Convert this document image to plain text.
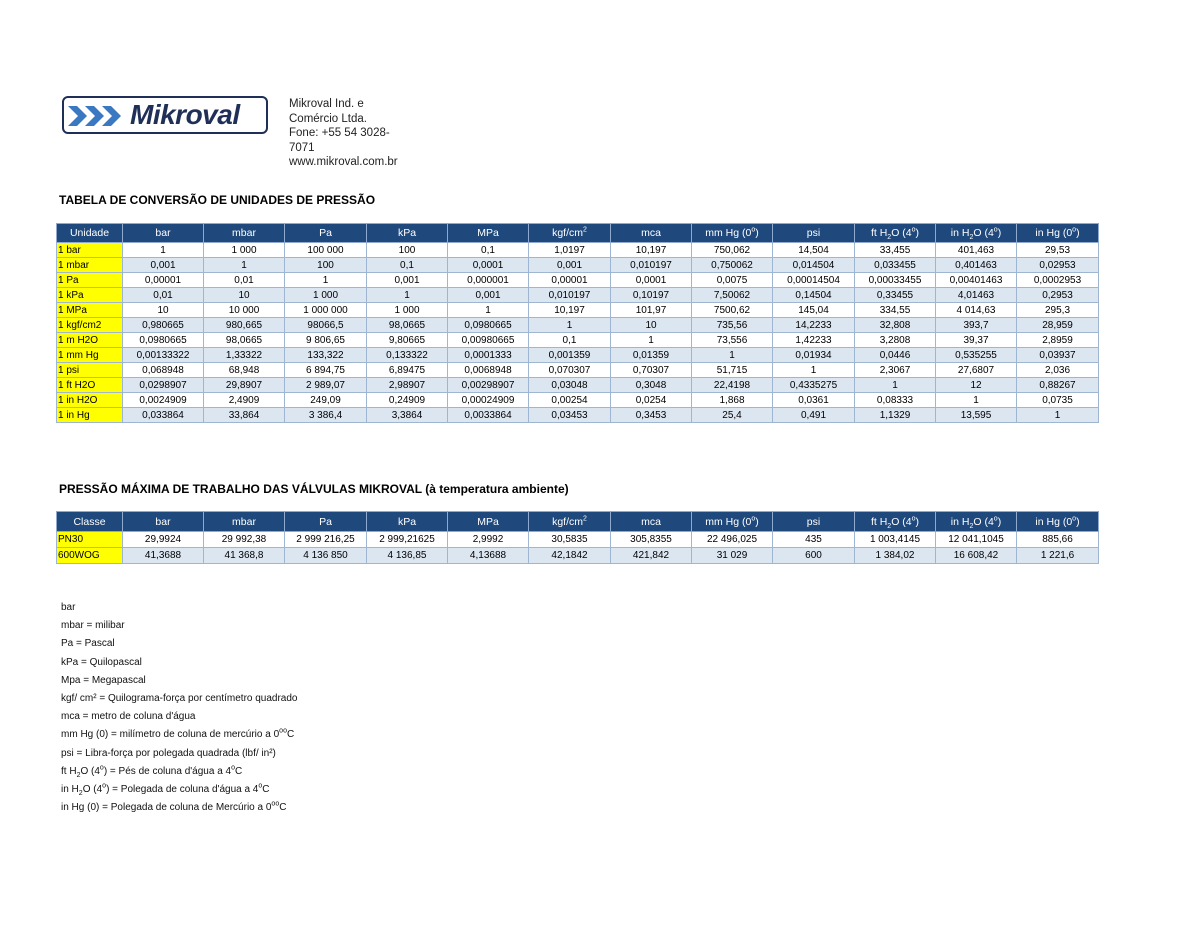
Mikroval	Mikroval Ind. e Comércio Ltda.
Fone: +55 54 3028-7071
www.mikroval.com.br
TABELA DE CONVERSÃO DE UNIDADES DE PRESSÃO
Unidade	bar	mbar	Pa	kPa	MPa	kgf/$cm^2$	mca	mm Hg (0$^o$)	psi	ft $H_2O$ (4$^o$)	in $H_2O$ (4$^o$)	in Hg (0$^o$)
1 bar	1	1 000	100 000	100	0,1	1,0197	10,197	750,062	14,504	33,455	401,463	29,53
1 mbar	0,001	1	100	0,1	0,0001	0,001	0,010197	0,750062	0,014504	0,033455	0,401463	0,02953
1 Pa	0,00001	0,01	1	0,001	0,000001	0,00001	0,0001	0,0075	0,00014504	0,00033455	0,00401463	0,0002953
1 kPa	0,01	10	1 000	1	0,001	0,010197	0,10197	7,50062	0,14504	0,33455	4,01463	0,2953
1 MPa	10	10 000	1 000 000	1 000	1	10,197	101,97	7500,62	145,04	334,55	4 014,63	295,3
1 kgf/cm2	0,980665	980,665	98066,5	98,0665	0,0980665	1	10	735,56	14,2233	32,808	393,7	28,959
1 m H2O	0,0980665	98,0665	9 806,65	9,80665	0,00980665	0,1	1	73,556	1,42233	3,2808	39,37	2,8959
1 mm Hg	0,00133322	1,33322	133,322	0,133322	0,0001333	0,001359	0,01359	1	0,01934	0,0446	0,535255	0,03937
1 psi	0,068948	68,948	6 894,75	6,89475	0,0068948	0,070307	0,70307	51,715	1	2,3067	27,6807	2,036
1 ft H2O	0,0298907	29,8907	2 989,07	2,98907	0,00298907	0,03048	0,3048	22,4198	0,4335275	1	12	0,88267
1 in H2O	0,0024909	2,4909	249,09	0,24909	0,00024909	0,00254	0,0254	1,868	0,0361	0,08333	1	0,0735
1 in Hg	0,033864	33,864	3 386,4	3,3864	0,0033864	0,03453	0,3453	25,4	0,491	1,1329	13,595	1
PRESSÃO MÁXIMA DE TRABALHO DAS VÁLVULAS MIKROVAL (à temperatura ambiente)
Classe	bar	mbar	Pa	kPa	MPa	kgf/$cm^2$	mca	mm Hg (0$^o$)	psi	ft $H_2O$ (4$^o$)	in $H_2O$ (4$^o$)	in Hg (0$^o$)
PN30	29,9924	29 992,38	2 999 216,25	2 999,21625	2,9992	30,5835	305,8355	22 496,025	435	1 003,4145	12 041,1045	885,66
600WOG	41,3688	41 368,8	4 136 850	4 136,85	4,13688	42,1842	421,842	31 029	600	1 384,02	16 608,42	1 221,6
bar
mbar = milibar
Pa = Pascal
kPa = Quilopascal
Mpa = Megapascal
kgf/ cm² = Quilograma-força por centímetro quadrado
mca = metro de coluna d'água
mm Hg (0) = milímetro de coluna de mercúrio a $0^{oo}C$
psi = Libra-força por polegada quadrada (lbf/ in²)
ft $H_2O$ $(4^o)$ = Pés de coluna d'água a 4$^o$C
in $H_2O$ $(4^o)$ = Polegada de coluna d'água a 4$^o$C
in Hg (0) = Polegada de coluna de Mercúrio a $0^{oo}C$
